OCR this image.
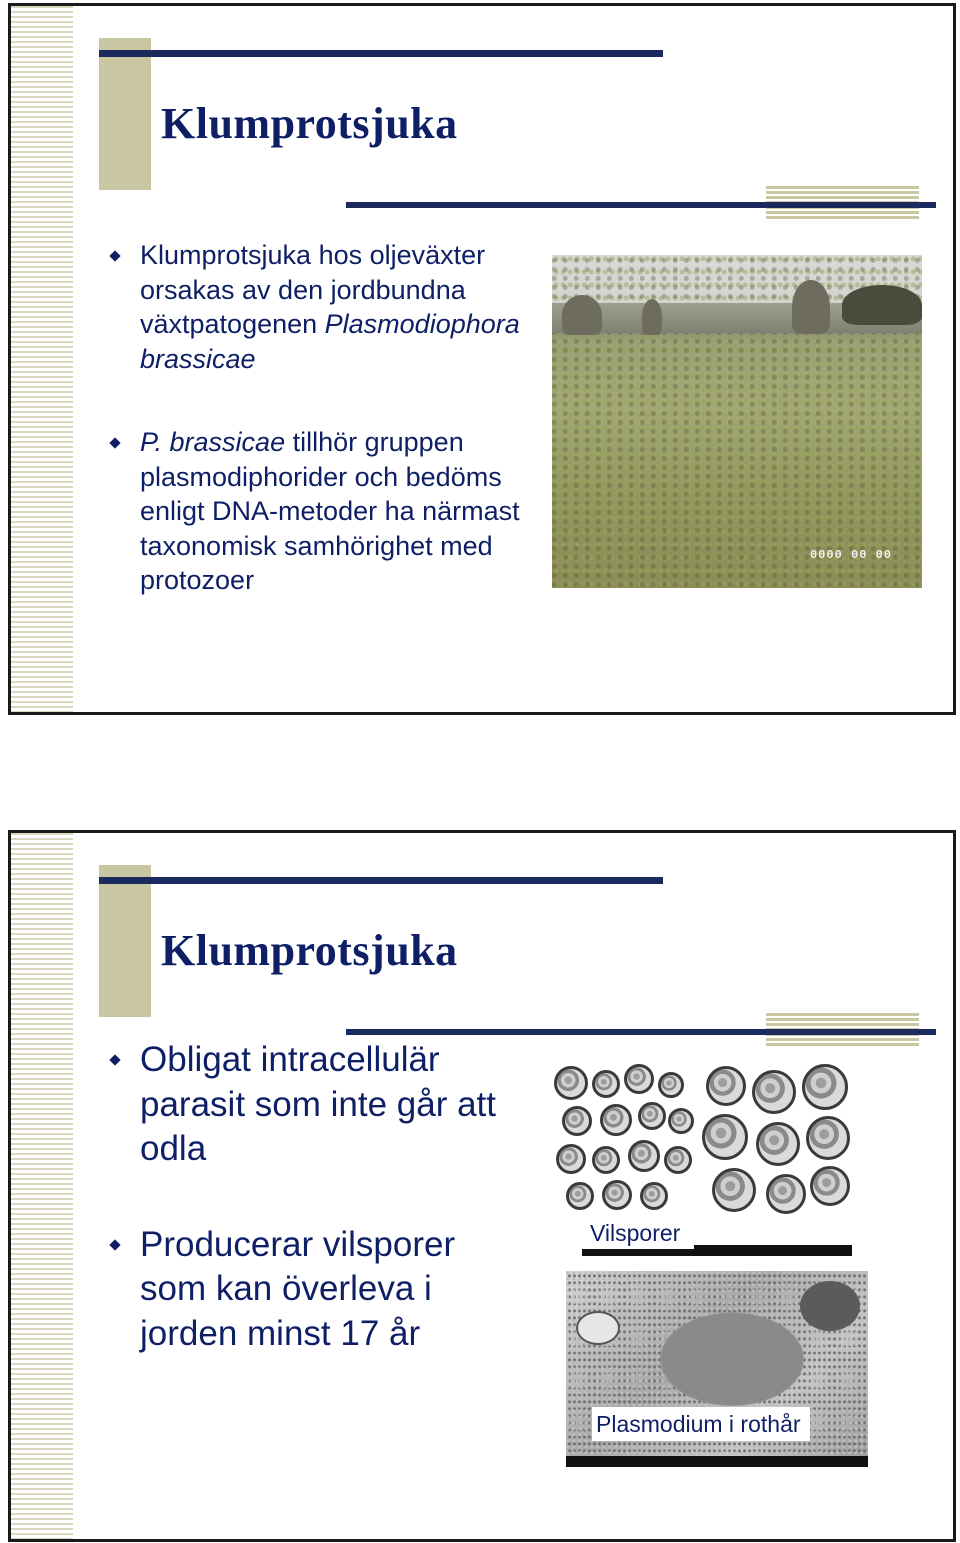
Klumprotsjuka
Klumprotsjuka hos oljeväxter orsakas av den jordbundna växtpatogenen Plasmodiophora brassicae
P. brassicae tillhör gruppen plasmodiphorider och bedöms enligt DNA-metoder ha närmast taxonomisk samhörighet med protozoer
0000 00 00
Klumprotsjuka
Obligat intracellulär parasit som inte går att odla
Producerar vilsporer som kan överleva i jorden minst 17 år
Vilsporer
Plasmodium i rothår
